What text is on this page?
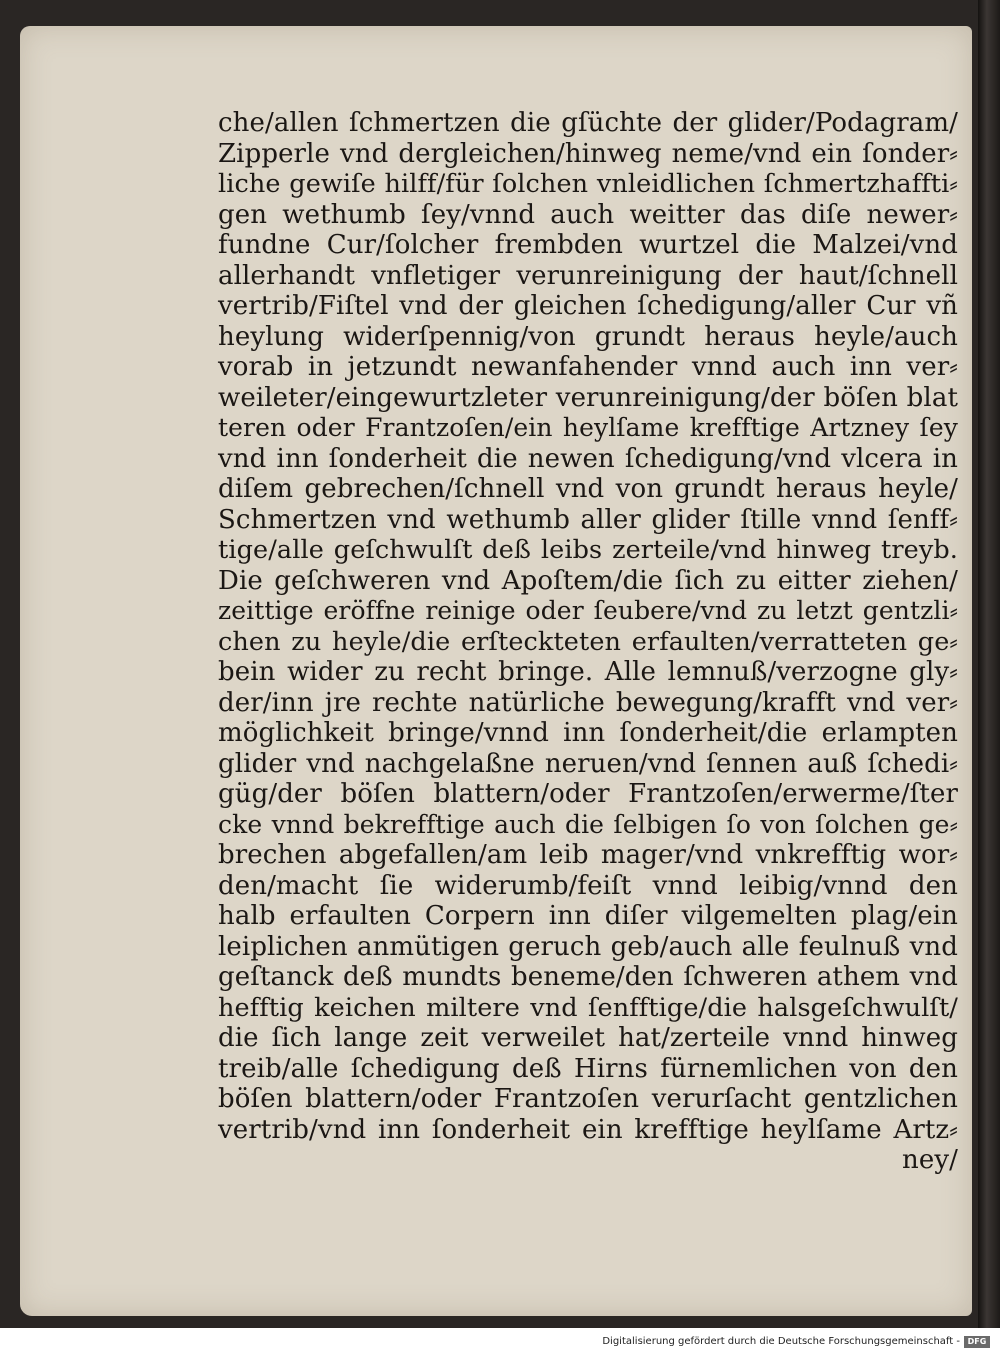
che/allen ſchmertzen die gſüchte der glider/Podagram/
Zipperle vnd dergleichen/hinweg neme/vnd ein ſonder⸗
liche gewiſe hilff/für ſolchen vnleidlichen ſchmertzhaffti⸗
gen wethumb ſey/vnnd auch weitter das diſe newer⸗
fundne Cur/ſolcher frembden wurtzel die Malzei/vnd
allerhandt vnfletiger verunreinigung der haut/ſchnell
vertrib/Fiſtel vnd der gleichen ſchedigung/aller Cur vñ
heylung widerſpennig/von grundt heraus heyle/auch
vorab in jetzundt newanfahender vnnd auch inn ver⸗
weileter/eingewurtzleter verunreinigung/der böſen blat
teren oder Frantzoſen/ein heylſame krefftige Artzney ſey
vnd inn ſonderheit die newen ſchedigung/vnd vlcera in
diſem gebrechen/ſchnell vnd von grundt heraus heyle/
Schmertzen vnd wethumb aller glider ſtille vnnd ſenff⸗
tige/alle geſchwulſt deß leibs zerteile/vnd hinweg treyb.
Die geſchweren vnd Apoſtem/die ſich zu eitter ziehen/
zeittige eröffne reinige oder ſeubere/vnd zu letzt gentzli⸗
chen zu heyle/die erſteckteten erfaulten/verratteten ge⸗
bein wider zu recht bringe. Alle lemnuß/verzogne gly⸗
der/inn jre rechte natürliche bewegung/krafft vnd ver⸗
möglichkeit bringe/vnnd inn ſonderheit/die erlampten
glider vnd nachgelaßne neruen/vnd ſennen auß ſchedi⸗
güg/der böſen blattern/oder Frantzoſen/erwerme/ſter
cke vnnd bekrefftige auch die ſelbigen ſo von ſolchen ge⸗
brechen abgefallen/am leib mager/vnd vnkrefftig wor⸗
den/macht ſie widerumb/feiſt vnnd leibig/vnnd den
halb erfaulten Corpern inn diſer vilgemelten plag/ein
leiplichen anmütigen geruch geb/auch alle feulnuß vnd
geſtanck deß mundts beneme/den ſchweren athem vnd
hefftig keichen miltere vnd ſenfftige/die halsgeſchwulſt/
die ſich lange zeit verweilet hat/zerteile vnnd hinweg
treib/alle ſchedigung deß Hirns fürnemlichen von den
böſen blattern/oder Frantzoſen verurſacht gentzlichen
vertrib/vnd inn ſonderheit ein krefftige heylſame Artz⸗
ney/
Digitalisierung gefördert durch die Deutsche Forschungsgemeinschaft - DFG
